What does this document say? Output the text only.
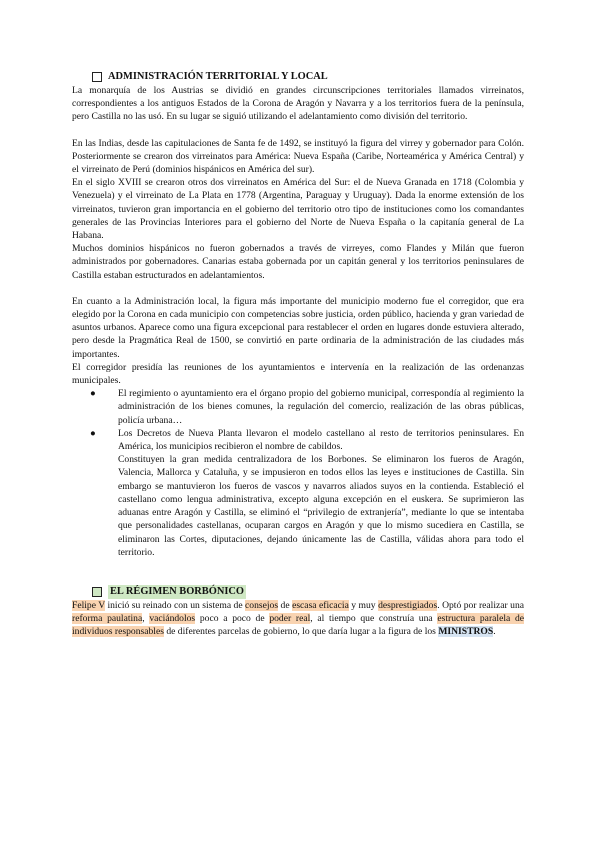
ADMINISTRACIÓN TERRITORIAL Y LOCAL

La monarquía de los Austrias se dividió en grandes circunscripciones territoriales llamados virreinatos, correspondientes a los antiguos Estados de la Corona de Aragón y Navarra y a los territorios fuera de la península, pero Castilla no las usó. En su lugar se siguió utilizando el adelantamiento como división del territorio.

En las Indias, desde las capitulaciones de Santa fe de 1492, se instituyó la figura del virrey y gobernador para Colón. Posteriormente se crearon dos virreinatos para América: Nueva España (Caribe, Norteamérica y América Central) y el virreinato de Perú (dominios hispánicos en América del sur).

En el siglo XVIII se crearon otros dos virreinatos en América del Sur: el de Nueva Granada en 1718 (Colombia y Venezuela) y el virreinato de La Plata en 1778 (Argentina, Paraguay y Uruguay). Dada la enorme extensión de los virreinatos, tuvieron gran importancia en el gobierno del territorio otro tipo de instituciones como los comandantes generales de las Provincias Interiores para el gobierno del Norte de Nueva España o la capitanía general de La Habana.

Muchos dominios hispánicos no fueron gobernados a través de virreyes, como Flandes y Milán que fueron administrados por gobernadores. Canarias estaba gobernada por un capitán general y los territorios peninsulares de Castilla estaban estructurados en adelantamientos.

En cuanto a la Administración local, la figura más importante del municipio moderno fue el corregidor, que era elegido por la Corona en cada municipio con competencias sobre justicia, orden público, hacienda y gran variedad de asuntos urbanos. Aparece como una figura excepcional para restablecer el orden en lugares donde estuviera alterado, pero desde la Pragmática Real de 1500, se convirtió en parte ordinaria de la administración de las ciudades más importantes.

El corregidor presidía las reuniones de los ayuntamientos e intervenía en la realización de las ordenanzas municipales.

● El regimiento o ayuntamiento era el órgano propio del gobierno municipal, correspondía al regimiento la administración de los bienes comunes, la regulación del comercio, realización de las obras públicas, policía urbana…
● Los Decretos de Nueva Planta llevaron el modelo castellano al resto de territorios peninsulares. En América, los municipios recibieron el nombre de cabildos.
Constituyen la gran medida centralizadora de los Borbones. Se eliminaron los fueros de Aragón, Valencia, Mallorca y Cataluña, y se impusieron en todos ellos las leyes e instituciones de Castilla. Sin embargo se mantuvieron los fueros de vascos y navarros aliados suyos en la contienda. Estableció el castellano como lengua administrativa, excepto alguna excepción en el euskera. Se suprimieron las aduanas entre Aragón y Castilla, se eliminó el “privilegio de extranjería”, mediante lo que se intentaba que personalidades castellanas, ocuparan cargos en Aragón y que lo mismo sucediera en Castilla, se eliminaron las Cortes, diputaciones, dejando únicamente las de Castilla, válidas ahora para todo el territorio.
EL RÉGIMEN BORBÓNICO

Felipe V inició su reinado con un sistema de consejos de escasa eficacia y muy desprestigiados. Optó por realizar una reforma paulatina, vaciándolos poco a poco de poder real, al tiempo que construía una estructura paralela de individuos responsables de diferentes parcelas de gobierno, lo que daría lugar a la figura de los MINISTROS.
